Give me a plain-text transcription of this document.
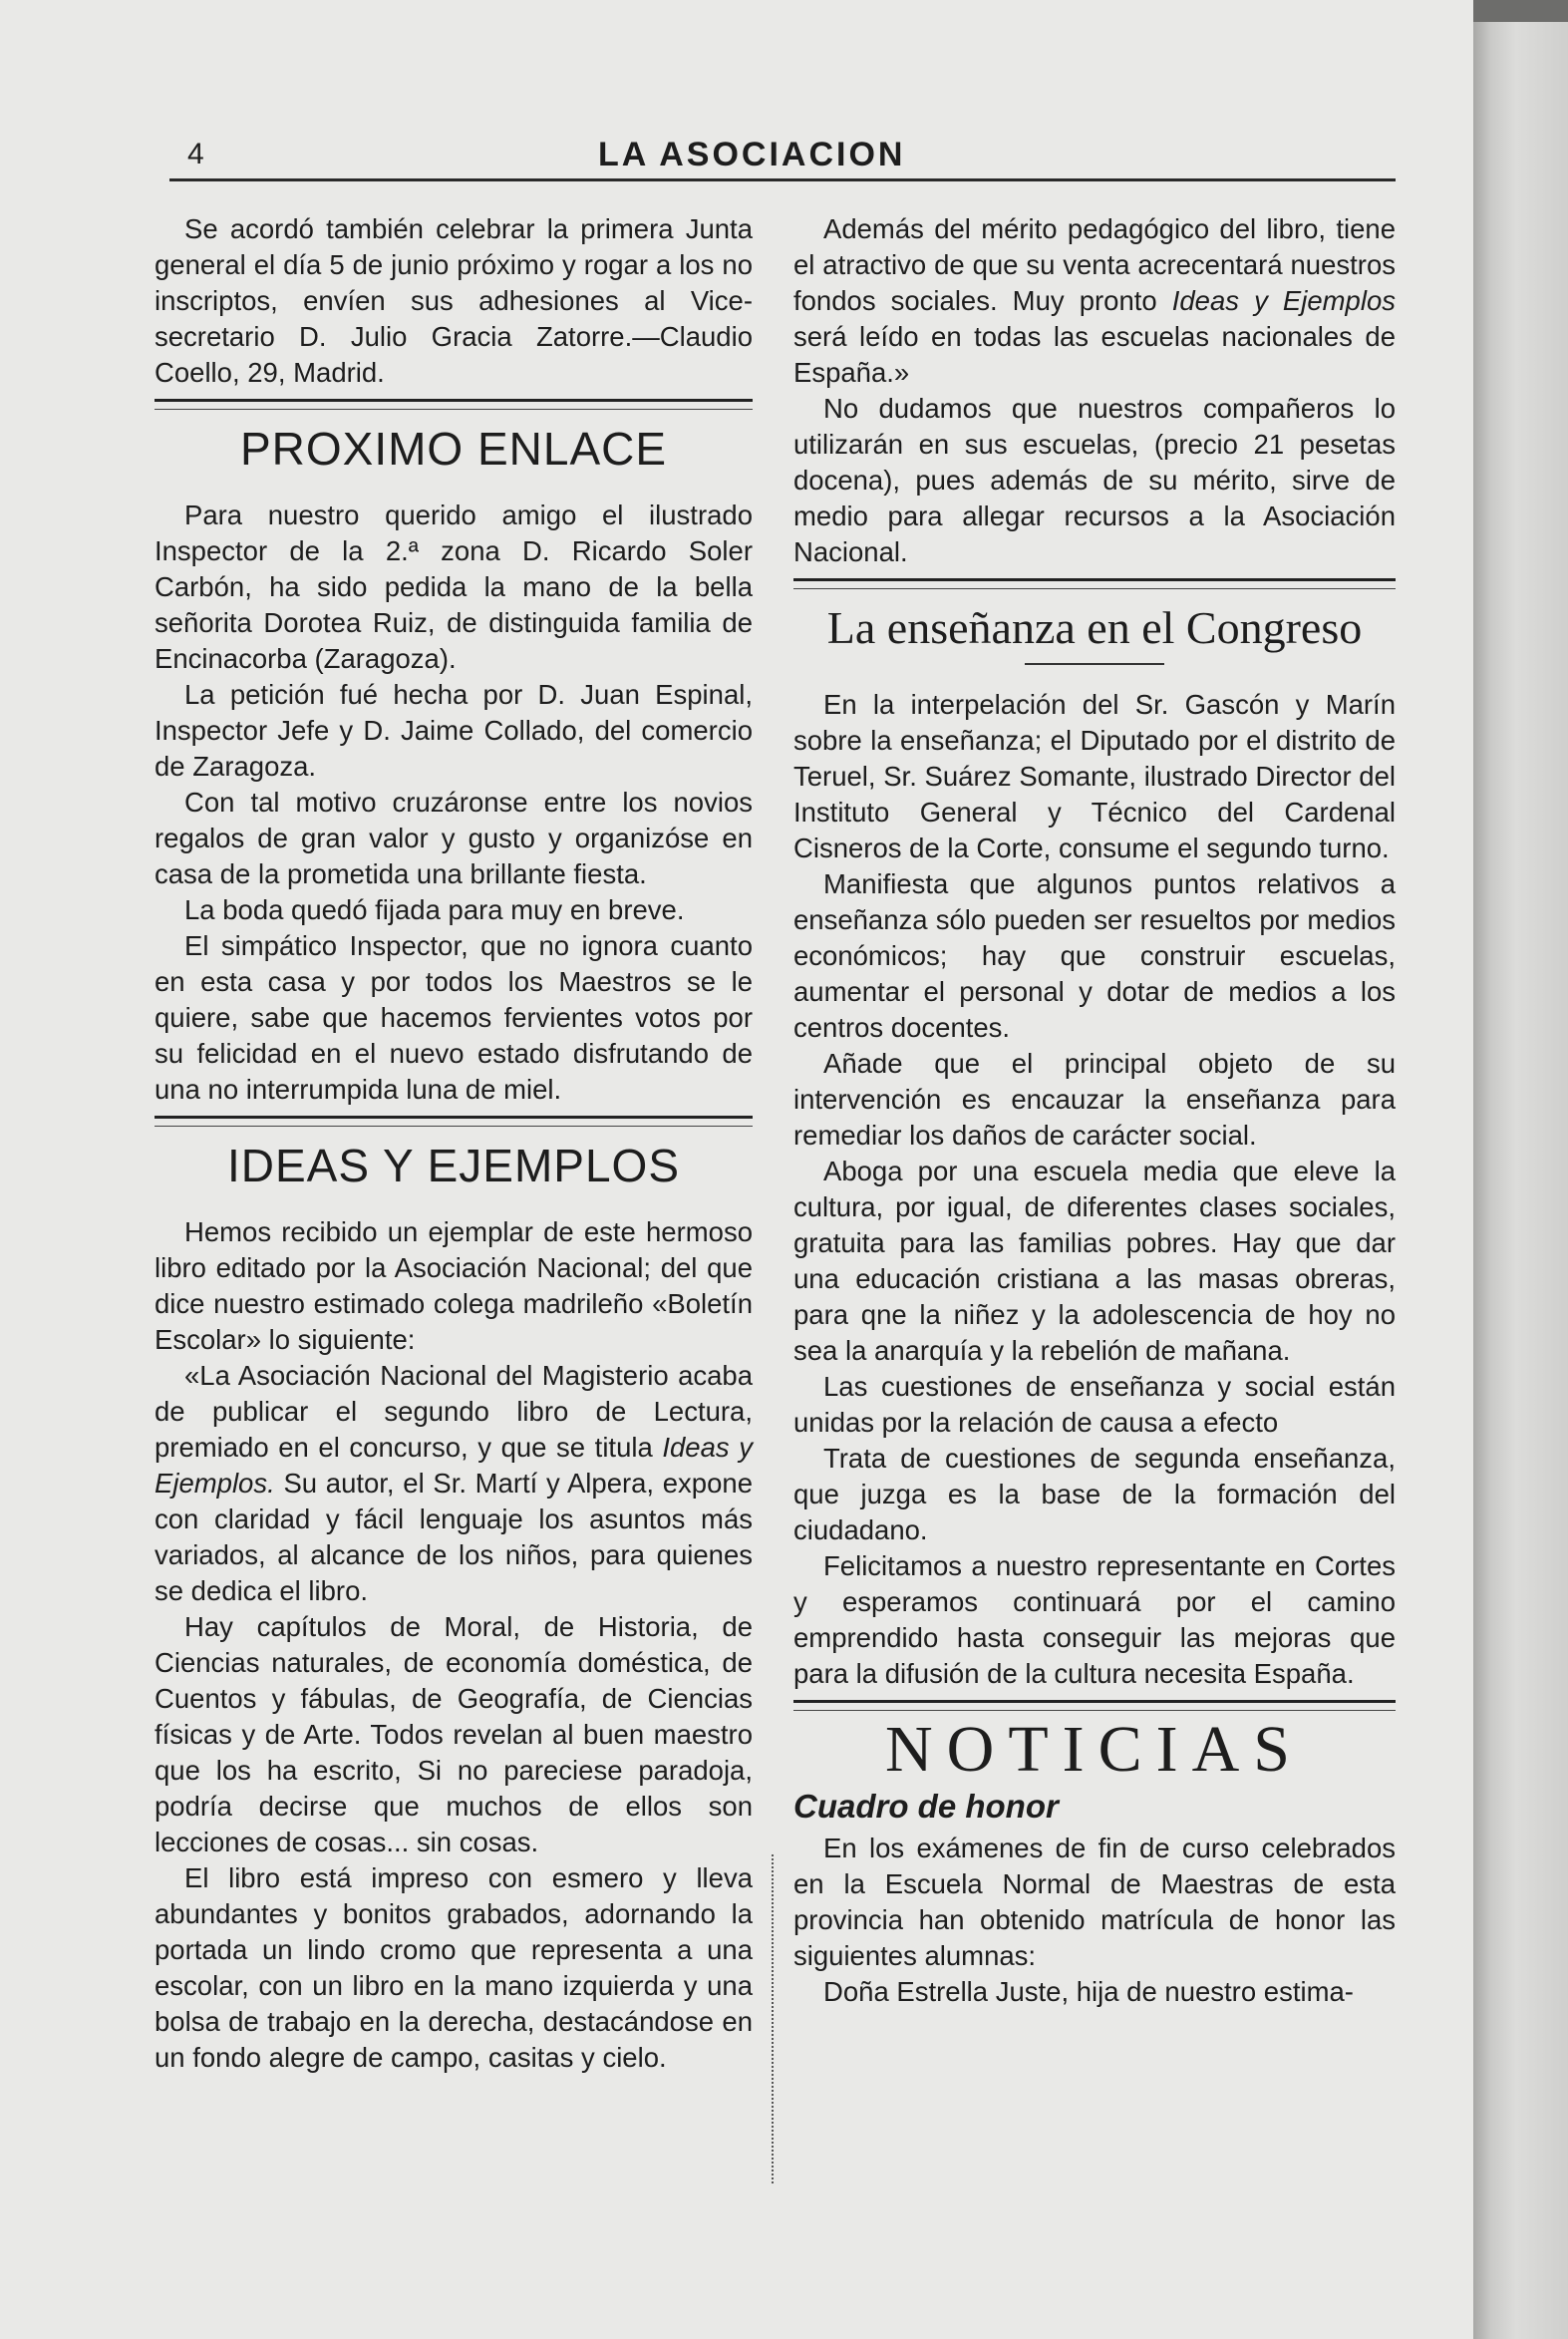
4	LA ASOCIACION

Se acordó también celebrar la primera Junta general el día 5 de junio próximo y rogar a los no inscriptos, envíen sus adhesiones al Vice-secretario D. Julio Gracia Zatorre.—Claudio Coello, 29, Madrid.

PROXIMO ENLACE

Para nuestro querido amigo el ilustrado Inspector de la 2.ª zona D. Ricardo Soler Carbón, ha sido pedida la mano de la bella señorita Dorotea Ruiz, de distinguida familia de Encinacorba (Zaragoza).

La petición fué hecha por D. Juan Espinal, Inspector Jefe y D. Jaime Collado, del comercio de Zaragoza.

Con tal motivo cruzáronse entre los novios regalos de gran valor y gusto y organizóse en casa de la prometida una brillante fiesta.

La boda quedó fijada para muy en breve.

El simpático Inspector, que no ignora cuanto en esta casa y por todos los Maestros se le quiere, sabe que hacemos fervientes votos por su felicidad en el nuevo estado disfrutando de una no interrumpida luna de miel.

IDEAS Y EJEMPLOS

Hemos recibido un ejemplar de este hermoso libro editado por la Asociación Nacional; del que dice nuestro estimado colega madrileño «Boletín Escolar» lo siguiente:

«La Asociación Nacional del Magisterio acaba de publicar el segundo libro de Lectura, premiado en el concurso, y que se titula Ideas y Ejemplos. Su autor, el Sr. Martí y Alpera, expone con claridad y fácil lenguaje los asuntos más variados, al alcance de los niños, para quienes se dedica el libro.

Hay capítulos de Moral, de Historia, de Ciencias naturales, de economía doméstica, de Cuentos y fábulas, de Geografía, de Ciencias físicas y de Arte. Todos revelan al buen maestro que los ha escrito, Si no pareciese paradoja, podría decirse que muchos de ellos son lecciones de cosas... sin cosas.

El libro está impreso con esmero y lleva abundantes y bonitos grabados, adornando la portada un lindo cromo que representa a una escolar, con un libro en la mano izquierda y una bolsa de trabajo en la derecha, destacándose en un fondo alegre de campo, casitas y cielo.

Además del mérito pedagógico del libro, tiene el atractivo de que su venta acrecentará nuestros fondos sociales. Muy pronto Ideas y Ejemplos será leído en todas las escuelas nacionales de España.»

No dudamos que nuestros compañeros lo utilizarán en sus escuelas, (precio 21 pesetas docena), pues además de su mérito, sirve de medio para allegar recursos a la Asociación Nacional.

La enseñanza en el Congreso

En la interpelación del Sr. Gascón y Marín sobre la enseñanza; el Diputado por el distrito de Teruel, Sr. Suárez Somante, ilustrado Director del Instituto General y Técnico del Cardenal Cisneros de la Corte, consume el segundo turno.

Manifiesta que algunos puntos relativos a enseñanza sólo pueden ser resueltos por medios económicos; hay que construir escuelas, aumentar el personal y dotar de medios a los centros docentes.

Añade que el principal objeto de su intervención es encauzar la enseñanza para remediar los daños de carácter social.

Aboga por una escuela media que eleve la cultura, por igual, de diferentes clases sociales, gratuita para las familias pobres. Hay que dar una educación cristiana a las masas obreras, para qne la niñez y la adolescencia de hoy no sea la anarquía y la rebelión de mañana.

Las cuestiones de enseñanza y social están unidas por la relación de causa a efecto

Trata de cuestiones de segunda enseñanza, que juzga es la base de la formación del ciudadano.

Felicitamos a nuestro representante en Cortes y esperamos continuará por el camino emprendido hasta conseguir las mejoras que para la difusión de la cultura necesita España.

NOTICIAS
Cuadro de honor

En los exámenes de fin de curso celebrados en la Escuela Normal de Maestras de esta provincia han obtenido matrícula de honor las siguientes alumnas:

Doña Estrella Juste, hija de nuestro estima-
